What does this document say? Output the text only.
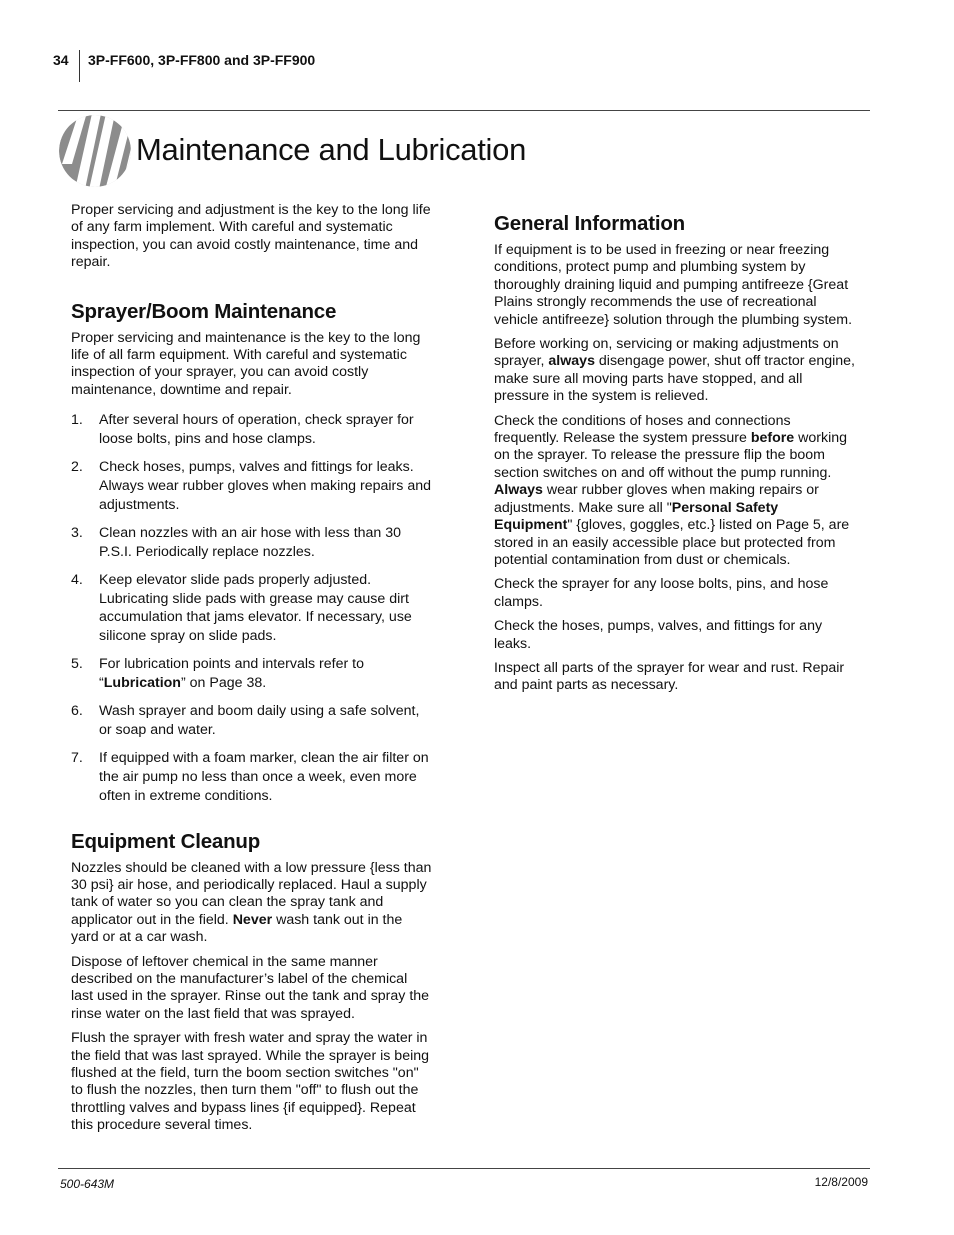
34 3P-FF600, 3P-FF800 and 3P-FF900
Maintenance and Lubrication

Proper servicing and adjustment is the key to the long life of any farm implement. With careful and systematic inspection, you can avoid costly maintenance, time and repair.

Sprayer/Boom Maintenance

Proper servicing and maintenance is the key to the long life of all farm equipment. With careful and systematic inspection of your sprayer, you can avoid costly maintenance, downtime and repair.

1. After several hours of operation, check sprayer for loose bolts, pins and hose clamps.
2. Check hoses, pumps, valves and fittings for leaks. Always wear rubber gloves when making repairs and adjustments.
3. Clean nozzles with an air hose with less than 30 P.S.I. Periodically replace nozzles.
4. Keep elevator slide pads properly adjusted. Lubricating slide pads with grease may cause dirt accumulation that jams elevator. If necessary, use silicone spray on slide pads.
5. For lubrication points and intervals refer to “Lubrication” on Page 38.
6. Wash sprayer and boom daily using a safe solvent, or soap and water.
7. If equipped with a foam marker, clean the air filter on the air pump no less than once a week, even more often in extreme conditions.
Equipment Cleanup

Nozzles should be cleaned with a low pressure {less than 30 psi} air hose, and periodically replaced. Haul a supply tank of water so you can clean the spray tank and applicator out in the field. Never wash tank out in the yard or at a car wash.

Dispose of leftover chemical in the same manner described on the manufacturer’s label of the chemical last used in the sprayer. Rinse out the tank and spray the rinse water on the last field that was sprayed.

Flush the sprayer with fresh water and spray the water in the field that was last sprayed. While the sprayer is being flushed at the field, turn the boom section switches "on" to flush the nozzles, then turn them "off" to flush out the throttling valves and bypass lines {if equipped}. Repeat this procedure several times.

General Information

If equipment is to be used in freezing or near freezing conditions, protect pump and plumbing system by thoroughly draining liquid and pumping antifreeze {Great Plains strongly recommends the use of recreational vehicle antifreeze} solution through the plumbing system.

Before working on, servicing or making adjustments on sprayer, always disengage power, shut off tractor engine, make sure all moving parts have stopped, and all pressure in the system is relieved.

Check the conditions of hoses and connections frequently. Release the system pressure before working on the sprayer. To release the pressure flip the boom section switches on and off without the pump running. Always wear rubber gloves when making repairs or adjustments. Make sure all "Personal Safety Equipment" {gloves, goggles, etc.} listed on Page 5, are stored in an easily accessible place but protected from potential contamination from dust or chemicals.

Check the sprayer for any loose bolts, pins, and hose clamps.

Check the hoses, pumps, valves, and fittings for any leaks.

Inspect all parts of the sprayer for wear and rust. Repair and paint parts as necessary.

500-643M	12/8/2009
